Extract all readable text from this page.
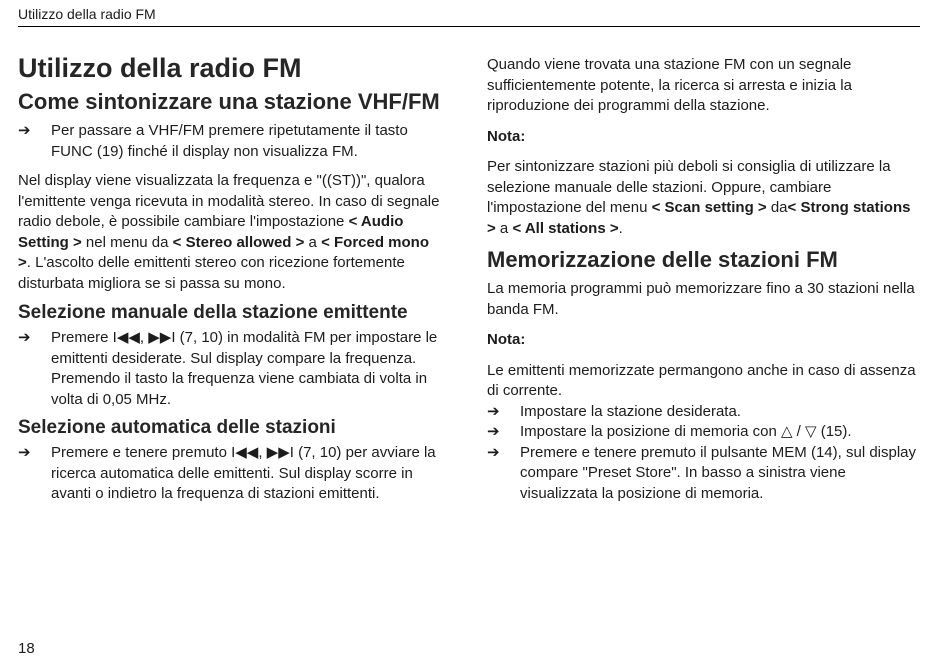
Utilizzo della radio FM
Utilizzo della radio FM
Come sintonizzare una stazione VHF/FM
➔	Per passare a VHF/FM premere ripetutamente il tasto FUNC (19) finché il display non visualizza FM.

Nel display viene visualizzata la frequenza e "((ST))", qualora l'emittente venga ricevuta in modalità stereo. In caso di segnale radio debole, è possibile cambiare l'impostazione < Audio Setting > nel menu da < Stereo allowed > a < Forced mono >. L'ascolto delle emittenti stereo con ricezione fortemente disturbata migliora se si passa su mono.

Selezione manuale della stazione emittente
➔	Premere I◀◀, ▶▶I (7, 10) in modalità FM per impostare le emittenti desiderate. Sul display compare la frequenza. Premendo il tasto la frequenza viene cambiata di volta in volta di 0,05 MHz.
Selezione automatica delle stazioni
➔	Premere e tenere premuto I◀◀, ▶▶I (7, 10) per avviare la ricerca automatica delle emittenti. Sul display scorre in avanti o indietro la frequenza di stazioni emittenti.

Quando viene trovata una stazione FM con un segnale sufficientemente potente, la ricerca si arresta e inizia la riproduzione dei programmi della stazione.

Nota:

Per sintonizzare stazioni più deboli si consiglia di utilizzare la selezione manuale delle stazioni. Oppure, cambiare l'impostazione del menu < Scan setting > da< Strong stations > a < All stations >.

Memorizzazione delle stazioni FM

La memoria programmi può memorizzare fino a 30 stazioni nella banda FM.

Nota:

Le emittenti memorizzate permangono anche in caso di assenza di corrente.

➔	Impostare la stazione desiderata.
➔	Impostare la posizione di memoria con △ / ▽ (15).
➔	Premere e tenere premuto il pulsante MEM (14), sul display compare "Preset Store". In basso a sinistra viene visualizzata la posizione di memoria.
18
